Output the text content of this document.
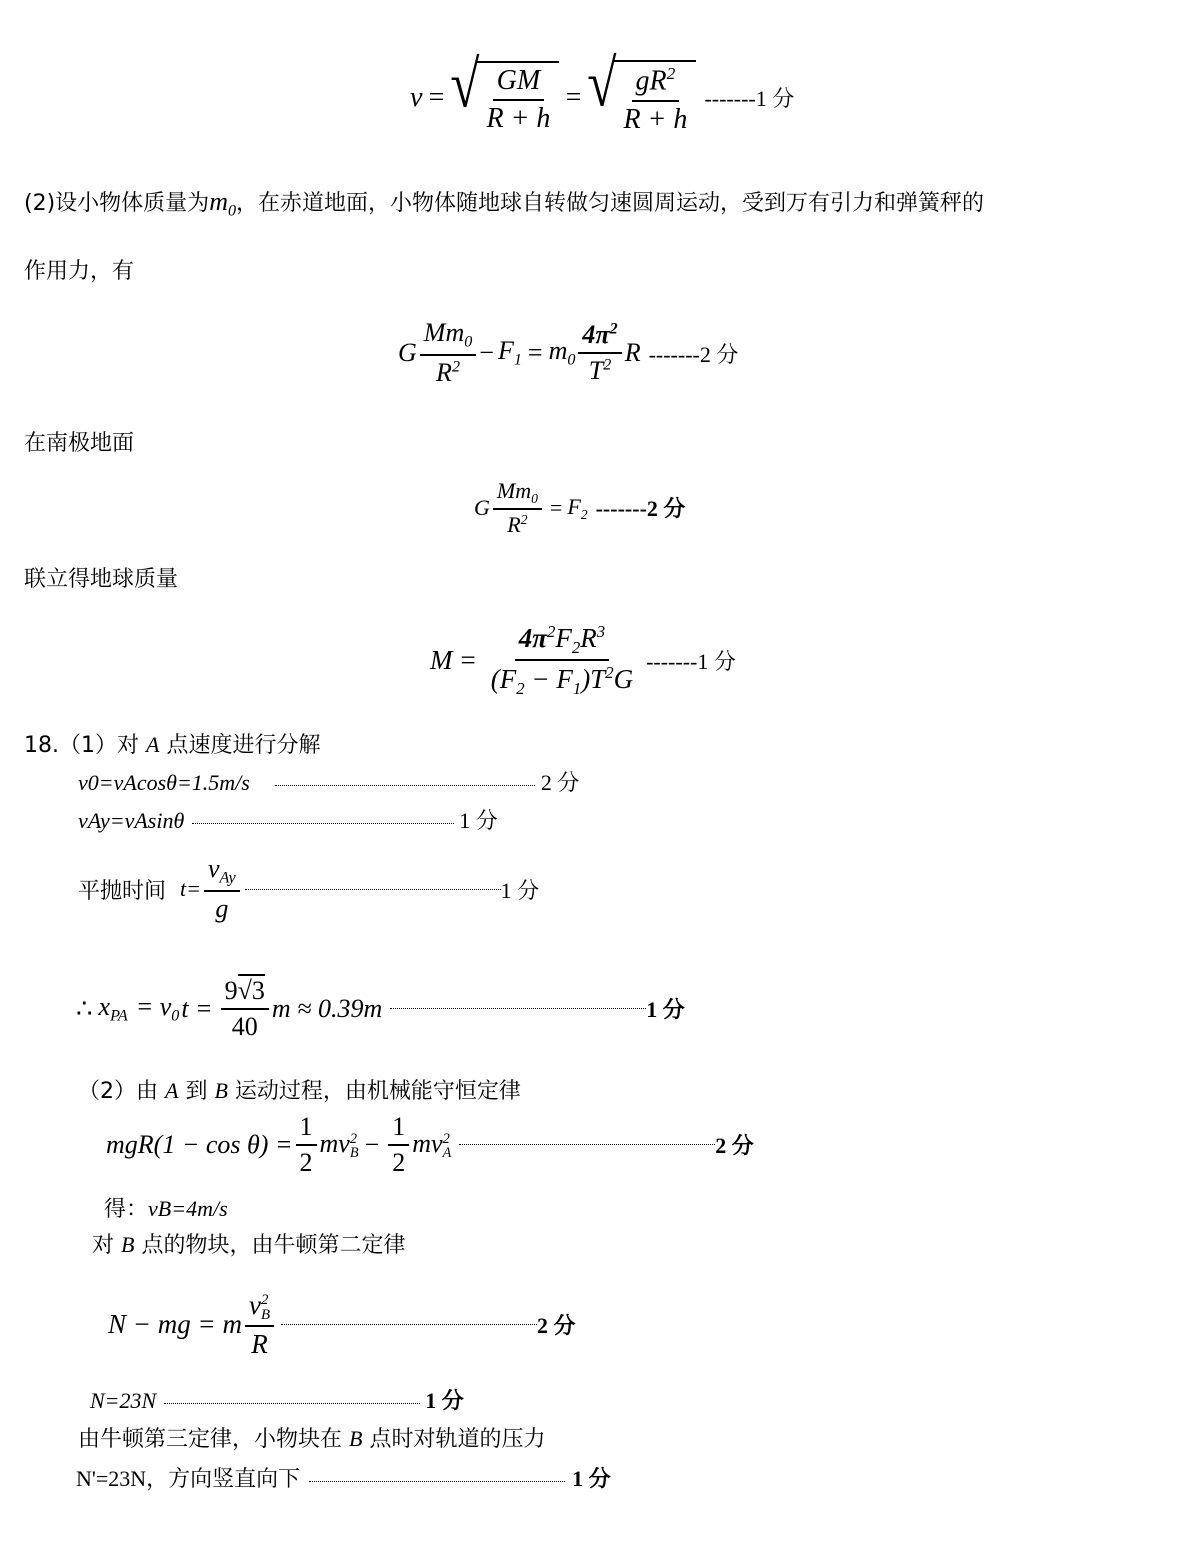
v = √ $\frac{GM}{R + h}$ = √ $\frac{gR^2}{R + h} -------1$ 分
(2)设小物体质量为$m_0$，在赤道地面，小物体随地球自转做匀速圆周运动，受到万有引力和弹簧秤的
作用力，有
G $\frac{Mm_0}{R^2} - F_1 = m_0 \frac{4\pi^2}{T^2}$ R -------2 分
在南极地面
G $\frac{Mm_0}{R^2} = F_2$ -------2 分
联立得地球质量
$M = \frac{4\pi^2F_2R^3}{(F_2 - F_1)T^2G} -------1$ 分
18.（1）对 A 点速度进行分解
v0=vAcosθ=1.5m/s	2 分
vAy=vAsinθ	1 分
平抛时间 $t= \frac{v_{Ay}}{g}$	1 分
∴ $x_{PA} = v_0$ $t = \frac{9√3}{40}$ m ≈ 0.39m	1 分
（2）由 A 到 B 运动过程，由机械能守恒定律
$mgR(1 - \cos \theta) = \frac{1}{2}$ mv 2
$B - \frac{1}{2}$ mv 2
A	2 分
得：vB=4m/s
对 B 点的物块，由牛顿第二定律
N − mg = m v 2
B
R	2 分
N=23N	1 分
由牛顿第三定律，小物块在 B 点时对轨道的压力
N'=23N，方向竖直向下	1 分
